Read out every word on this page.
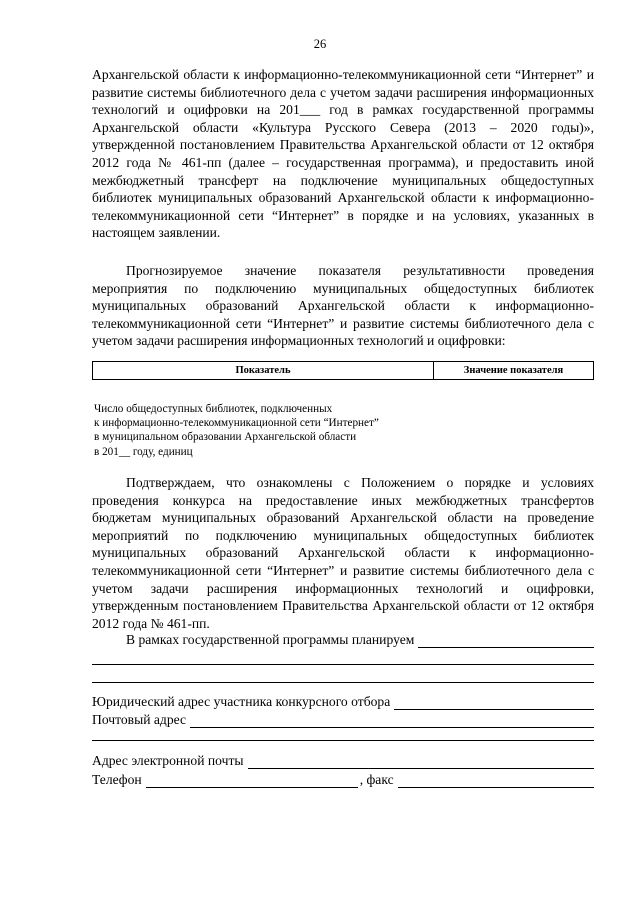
26
Архангельской области к информационно-телекоммуникационной сети “Интернет” и развитие системы библиотечного дела с учетом задачи расширения информационных технологий и оцифровки на 201___ год в рамках государственной программы Архангельской области «Культура Русского Севера (2013 – 2020 годы)», утвержденной постановлением Правительства Архангельской области от 12 октября 2012 года № 461-пп (далее – государственная программа), и предоставить иной межбюджетный трансферт на подключение муниципальных общедоступных библиотек муниципальных образований Архангельской области к информационно-телекоммуникационной сети “Интернет” в порядке и на условиях, указанных в настоящем заявлении.
Прогнозируемое значение показателя результативности проведения мероприятия по подключению муниципальных общедоступных библиотек муниципальных образований Архангельской области к информационно-телекоммуникационной сети “Интернет” и развитие системы библиотечного дела с учетом задачи расширения информационных технологий и оцифровки:
Показатель	Значение показателя
Число общедоступных библиотек, подключенных
к информационно-телекоммуникационной сети “Интернет”
в муниципальном образовании Архангельской области
в 201__ году, единиц
Подтверждаем, что ознакомлены с Положением о порядке и условиях проведения конкурса на предоставление иных межбюджетных трансфертов бюджетам муниципальных образований Архангельской области на проведение мероприятий по подключению муниципальных общедоступных библиотек муниципальных образований Архангельской области к информационно-телекоммуникационной сети “Интернет” и развитие системы библиотечного дела с учетом задачи расширения информационных технологий и оцифровки, утвержденным постановлением Правительства Архангельской области от 12 октября 2012 года № 461-пп.
В рамках государственной программы планируем
Юридический адрес участника конкурсного отбора
Почтовый адрес
Адрес электронной почты
Телефон	, факс
